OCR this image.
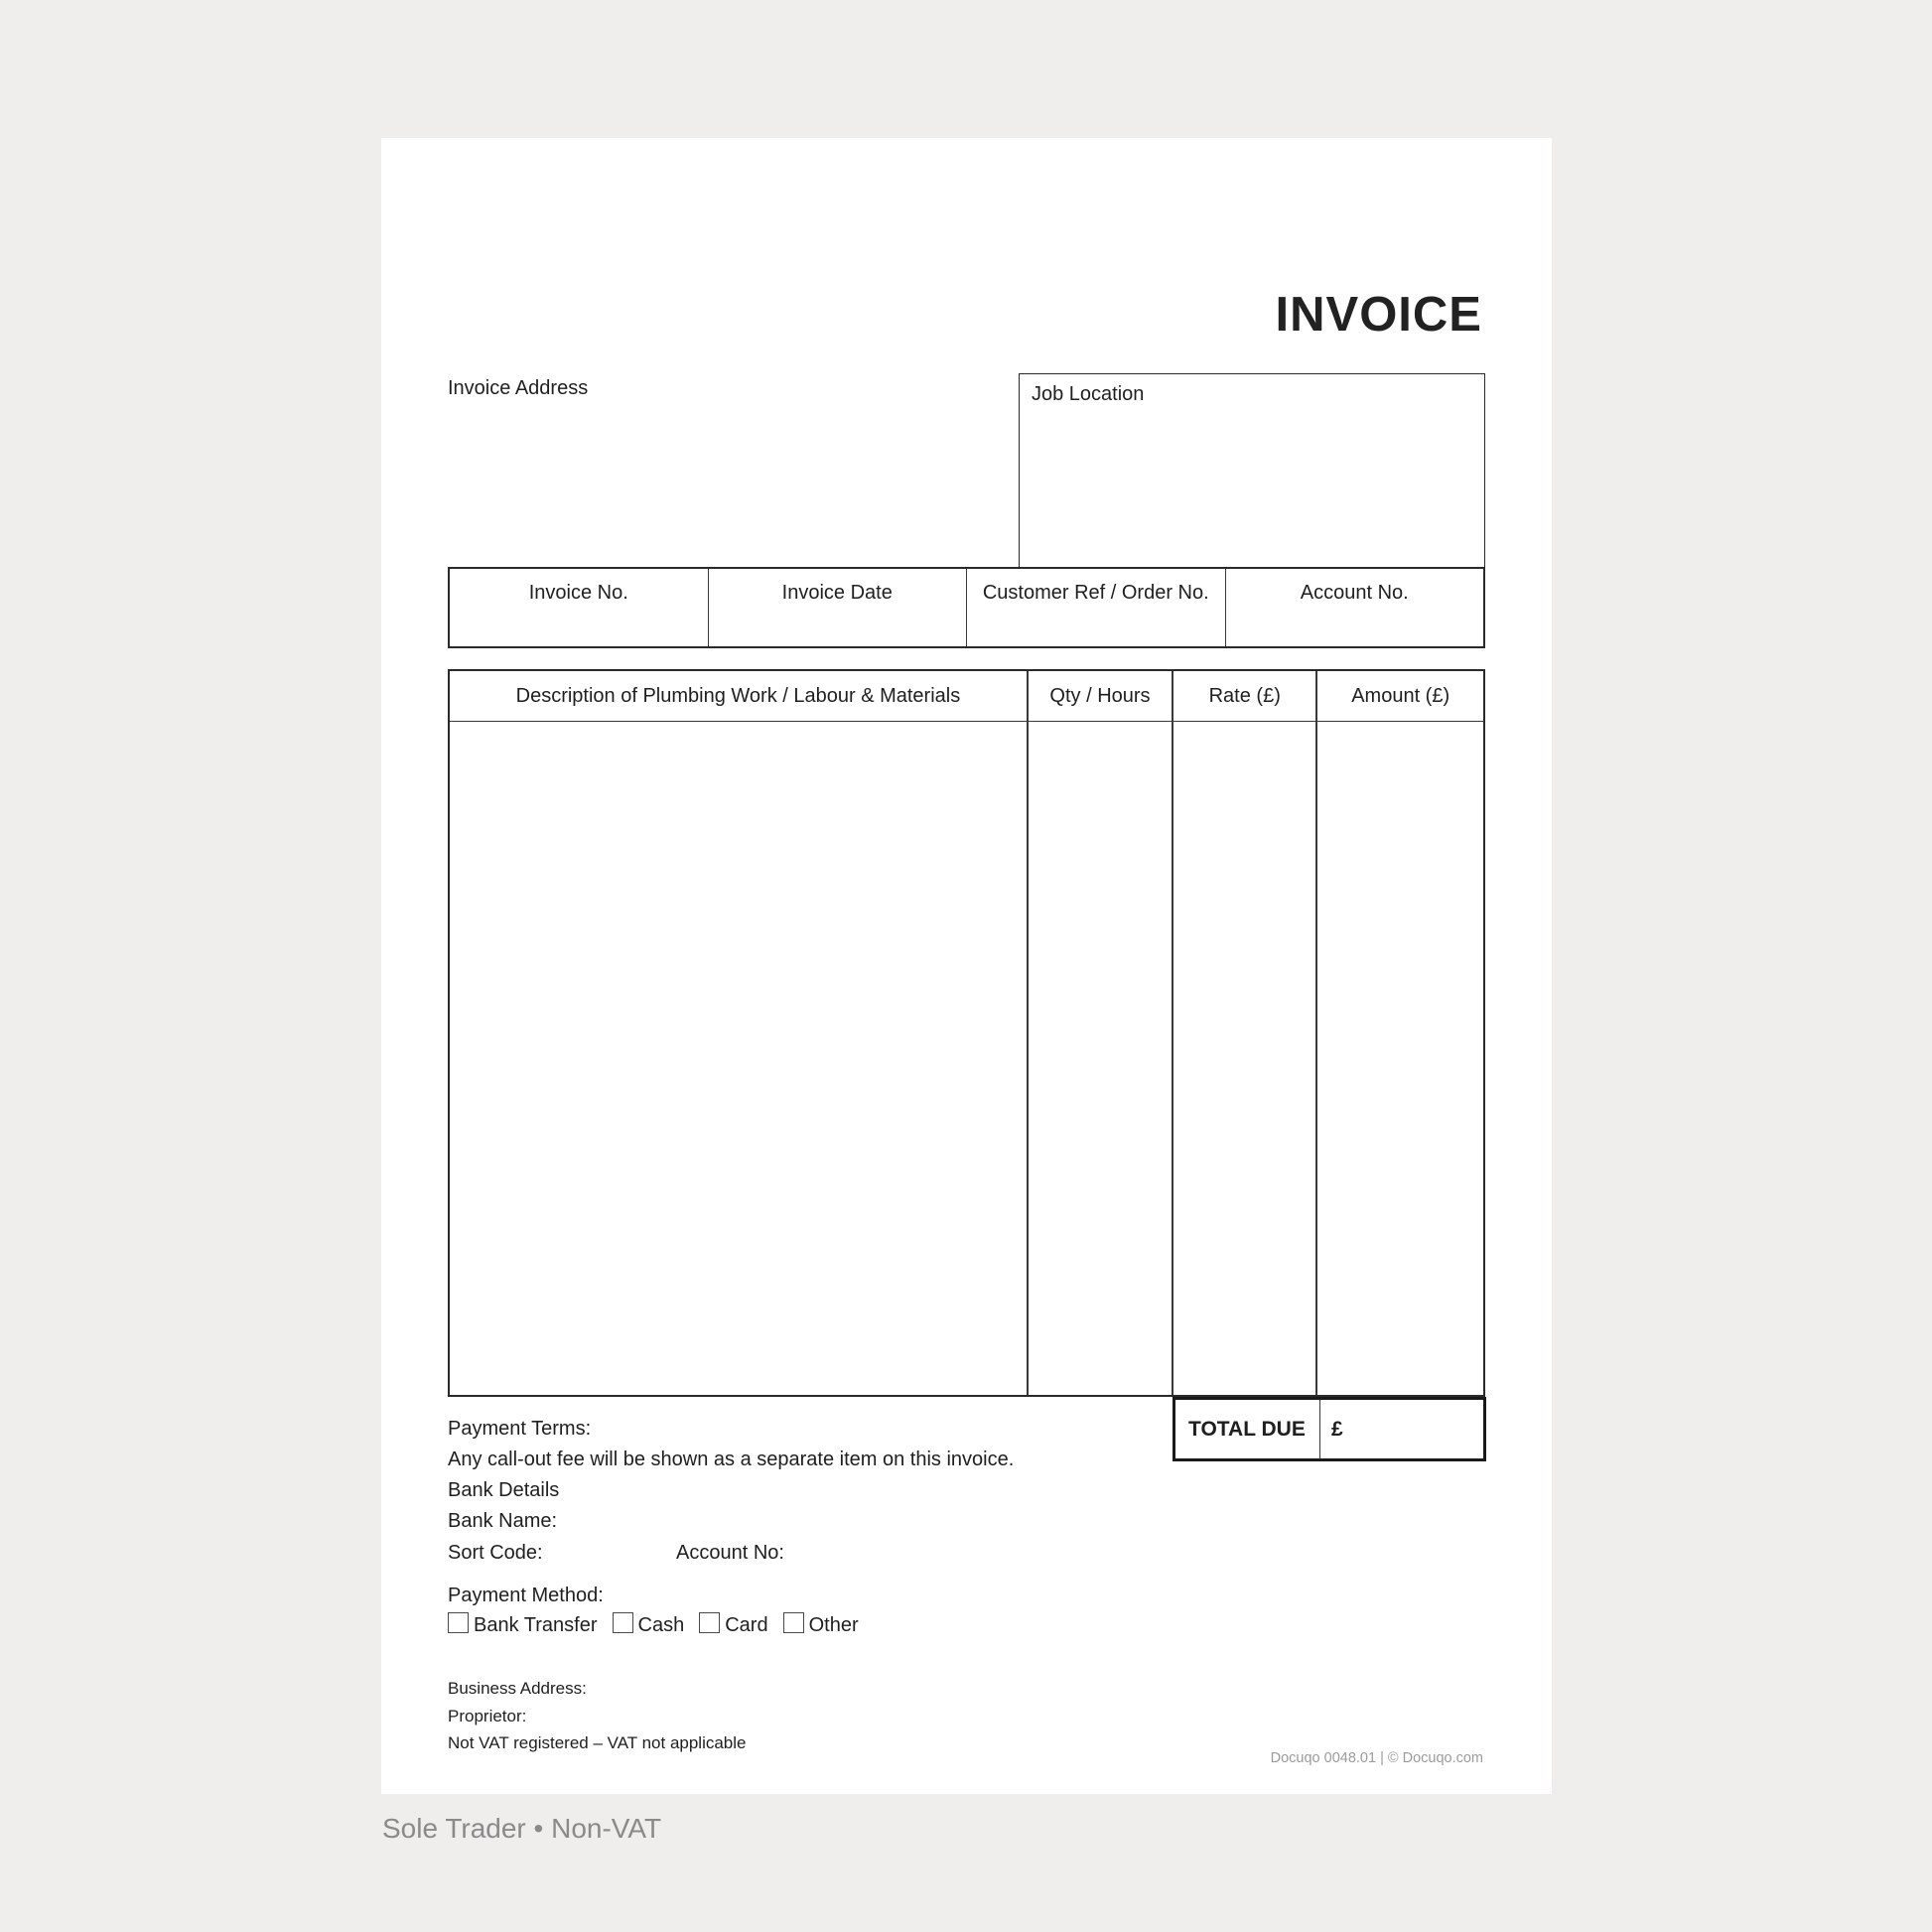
INVOICE
Invoice Address	Job Location
Invoice No.	Invoice Date	Customer Ref / Order No.	Account No.
Description of Plumbing Work / Labour & Materials	Qty / Hours	Rate (£)	Amount (£)
TOTAL DUE	£
Payment Terms:
Any call-out fee will be shown as a separate item on this invoice.
Bank Details
Bank Name:
Sort Code:	Account No:
Payment Method:
Bank Transfer Cash Card Other
Business Address:
Proprietor:
Not VAT registered – VAT not applicable
Docuqo 0048.01 | © Docuqo.com
Sole Trader • Non-VAT
